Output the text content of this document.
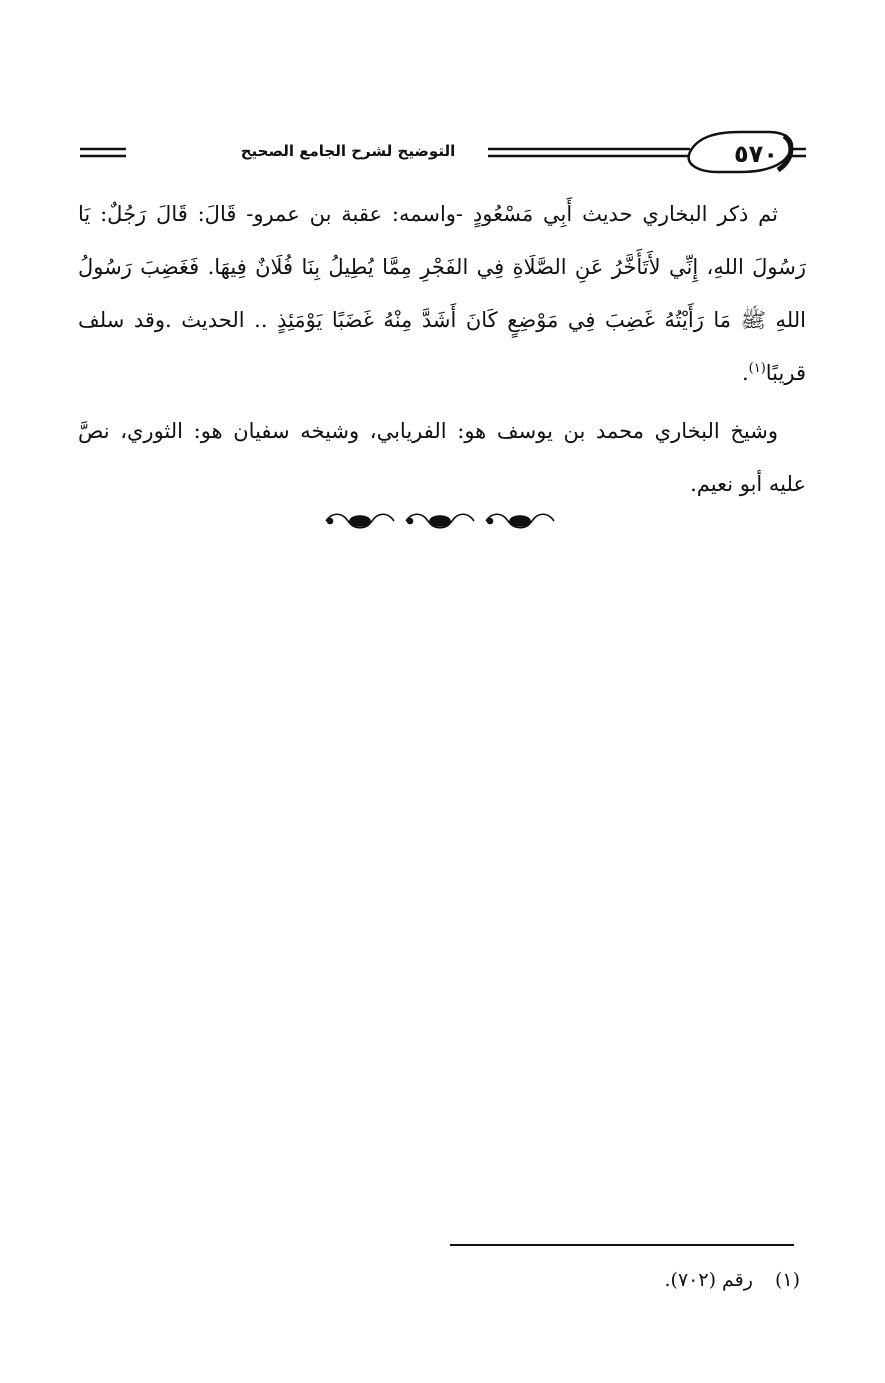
٥٧٠
التوضيح لشرح الجامع الصحيح

ثم ذكر البخاري حديث أَبِي مَسْعُودٍ -واسمه: عقبة بن عمرو- قَالَ: قَالَ رَجُلٌ: يَا رَسُولَ اللهِ، إِنِّي لأَتَأَخَّرُ عَنِ الصَّلَاةِ فِي الفَجْرِ مِمَّا يُطِيلُ بِنَا فُلَانٌ فِيهَا. فَغَضِبَ رَسُولُ اللهِ ﷺ مَا رَأَيْتُهُ غَضِبَ فِي مَوْضِعٍ كَانَ أَشَدَّ مِنْهُ غَضَبًا يَوْمَئِذٍ .. الحديث .وقد سلف قريبًا$^{(١)}$.

وشيخ البخاري محمد بن يوسف هو: الفريابي، وشيخه سفيان هو: الثوري، نصَّ عليه أبو نعيم.

(١)رقم (٧٠٢).
